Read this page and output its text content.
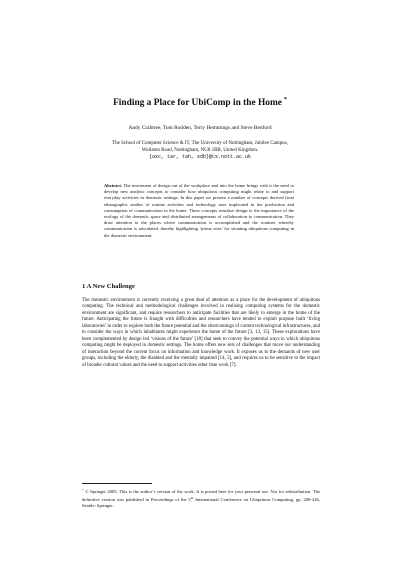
Finding a Place for UbiComp in the Home *
Andy Crabtree, Tom Rodden, Terry Hemmings and Steve Benford
The School of Computer Science & IT, The University of Nottingham, Jubilee Campus,
Wollaton Road, Nottingham, NG8 1BB, United Kingdom.
{axc, tar, tah, sdb}@cs.nott.ac.uk
Abstract. The movement of design out of the workplace and into the home brings with it the need to develop new analytic concepts to consider how ubiquitous computing might relate to and support everyday activities in domestic settings. In this paper we present a number of concepts derived from ethnographic studies of routine activities and technology uses implicated in the production and consumption of communication in the home. These concepts sensitise design to the importance of the ecology of the domestic space and distributed arrangements of collaboration to communication. They draw attention to the places where communication is accomplished and the routines whereby communication is articulated, thereby highlighting ‘prime sites’ for situating ubiquitous computing in the domestic environment.
1 A New Challenge

The domestic environment is currently receiving a great deal of attention as a place for the development of ubiquitous computing. The technical and methodological challenges involved in realising computing systems for the domestic environment are significant, and require researchers to anticipate facilities that are likely to emerge in the home of the future. Anticipating the future is fraught with difficulties and researchers have tended to exploit purpose built ‘living laboratories’ in order to explore both the future potential and the shortcomings of current technological infrastructures, and to consider the ways in which inhabitants might experience the home of the future [3, 13, 15]. These explorations have been complemented by design led ‘visions of the future’ [18] that seek to convey the potential ways in which ubiquitous computing might be deployed in domestic settings. The home offers new sets of challenges that move our understanding of interaction beyond the current focus on information and knowledge work. It exposes us to the demands of new user groups, including the elderly, the disabled and the mentally impaired [14, 5], and requires us to be sensitive to the impact of broader cultural values and the need to support activities other than work [7].

* © Springer 2003. This is the author’s version of the work. It is posted here for your personal use. Not for redistribution. The definitive version was published in Proceedings of the 5th International Conference on Ubiquitous Computing, pp. 208-226, Seattle: Springer.
